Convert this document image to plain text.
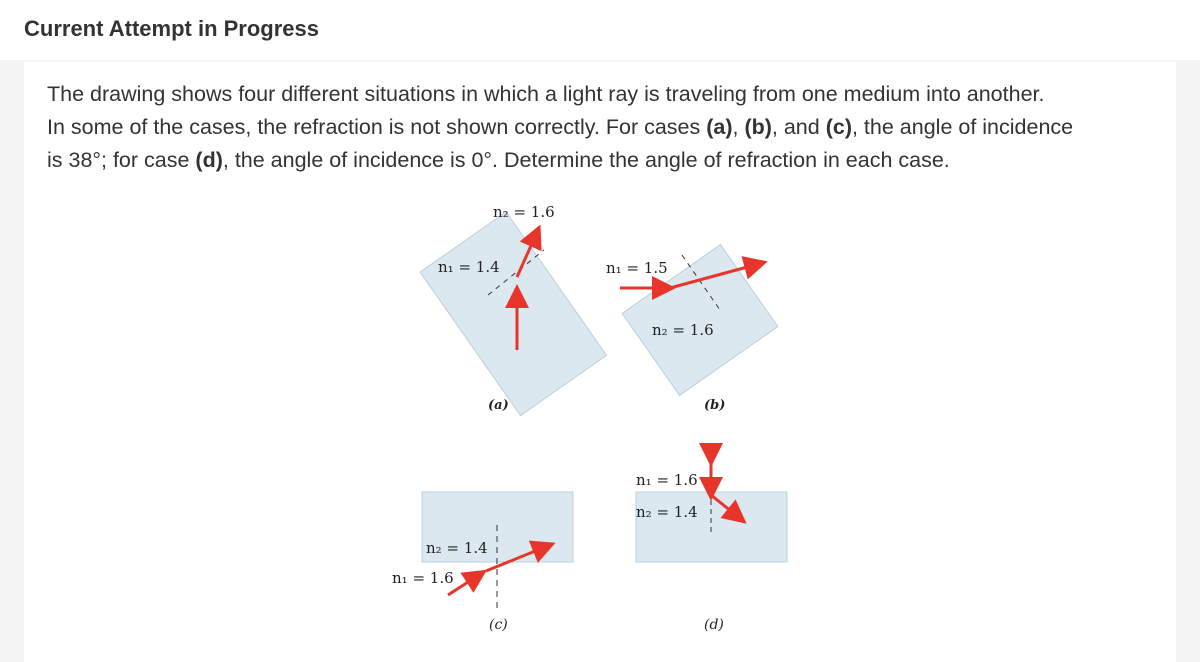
Current Attempt in Progress
The drawing shows four different situations in which a light ray is traveling from one medium into another.
In some of the cases, the refraction is not shown correctly. For cases (a), (b), and (c), the angle of incidence
is 38°; for case (d), the angle of incidence is 0°. Determine the angle of refraction in each case.
n₂ = 1.6
n₁ = 1.4
(a)
n₁ = 1.5
n₂ = 1.6
(b)
n₂ = 1.4
n₁ = 1.6
(c)
n₁ = 1.6
n₂ = 1.4
(d)
